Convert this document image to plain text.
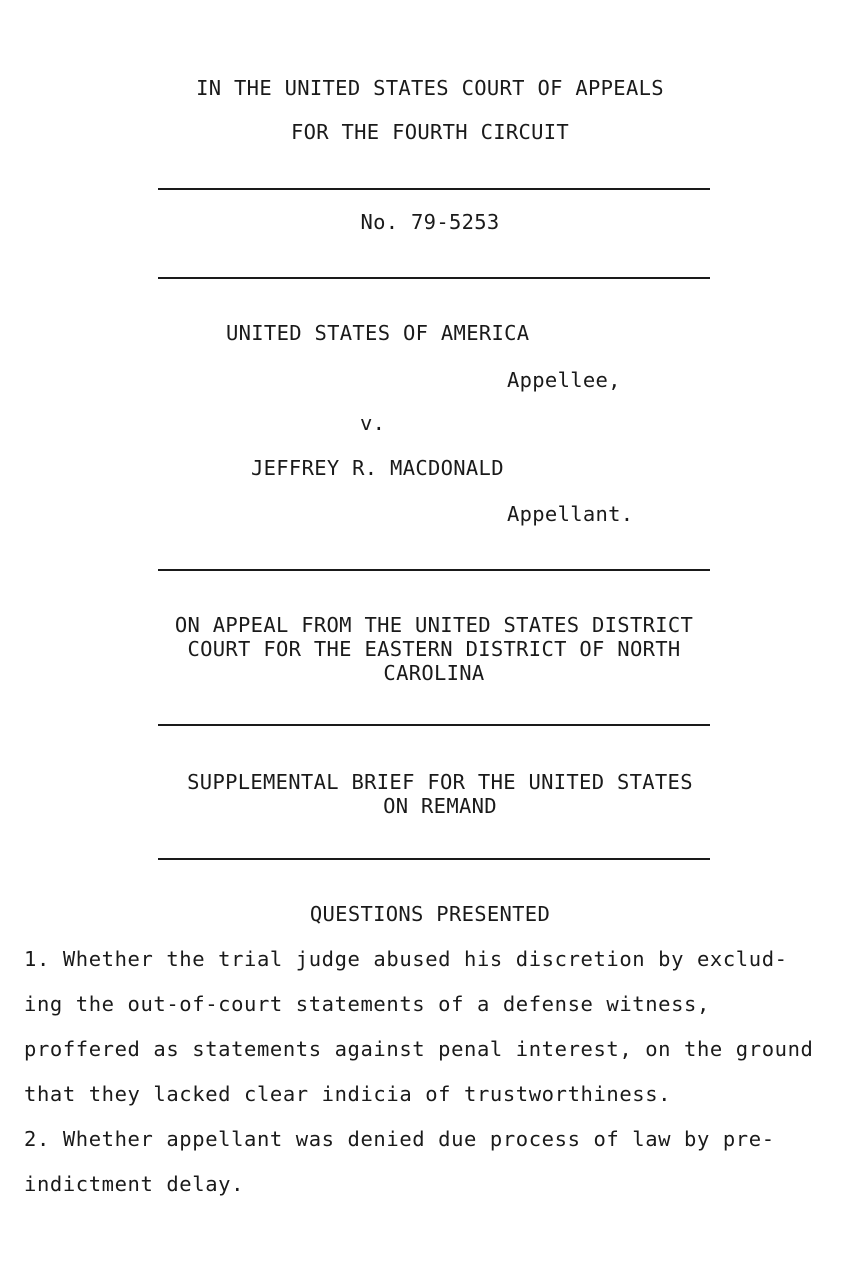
IN THE UNITED STATES COURT OF APPEALS
FOR THE FOURTH CIRCUIT
No. 79-5253
UNITED STATES OF AMERICA
Appellee,
v.
JEFFREY R. MACDONALD
Appellant.
ON APPEAL FROM THE UNITED STATES DISTRICT
COURT FOR THE EASTERN DISTRICT OF NORTH
CAROLINA
SUPPLEMENTAL BRIEF FOR THE UNITED STATES
ON REMAND
QUESTIONS PRESENTED
1. Whether the trial judge abused his discretion by exclud-
ing the out-of-court statements of a defense witness,
proffered as statements against penal interest, on the ground
that they lacked clear indicia of trustworthiness.
2. Whether appellant was denied due process of law by pre-
indictment delay.
